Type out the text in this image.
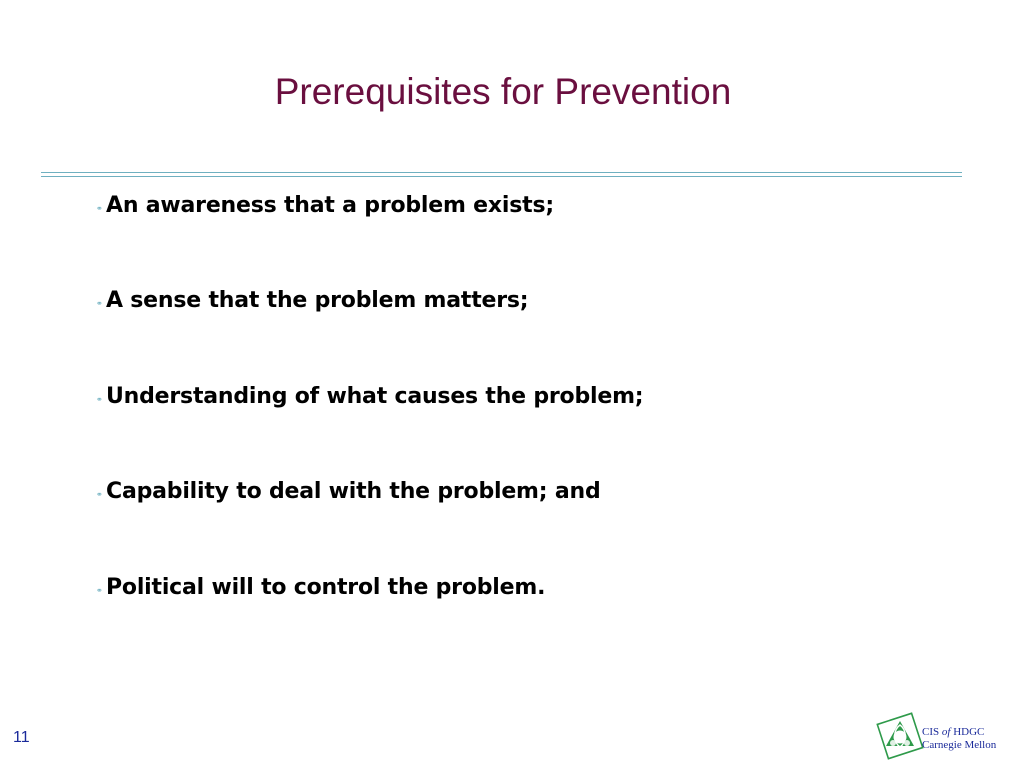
Prerequisites for Prevention
⚭ An awareness that a problem exists;
⚭ A sense that the problem matters;
⚭ Understanding of what causes the problem;
⚭ Capability to deal with the problem; and
⚭ Political will to control the problem.
11	CIS of HDGC
Carnegie Mellon
